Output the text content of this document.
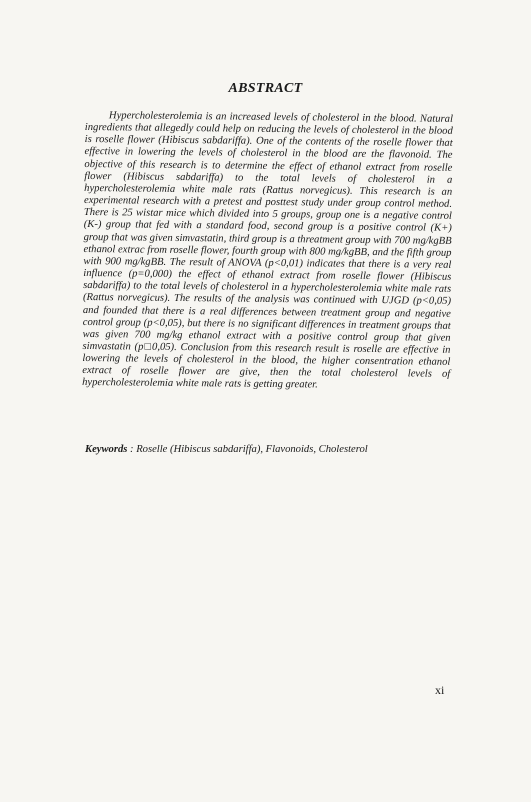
ABSTRACT

Hypercholesterolemia is an increased levels of cholesterol in the blood. Natural ingredients that allegedly could help on reducing the levels of cholesterol in the blood is roselle flower (Hibiscus sabdariffa). One of the contents of the roselle flower that effective in lowering the levels of cholesterol in the blood are the flavonoid. The objective of this research is to determine the effect of ethanol extract from roselle flower (Hibiscus sabdariffa) to the total levels of cholesterol in a hypercholesterolemia white male rats (Rattus norvegicus). This research is an experimental research with a pretest and posttest study under group control method. There is 25 wistar mice which divided into 5 groups, group one is a negative control (K-) group that fed with a standard food, second group is a positive control (K+) group that was given simvastatin, third group is a threatment group with 700 mg/kgBB ethanol extrac from roselle flower, fourth group with 800 mg/kgBB, and the fifth group with 900 mg/kgBB. The result of ANOVA (p<0,01) indicates that there is a very real influence (p=0,000) the effect of ethanol extract from roselle flower (Hibiscus sabdariffa) to the total levels of cholesterol in a hypercholesterolemia white male rats (Rattus norvegicus). The results of the analysis was continued with UJGD (p<0,05) and founded that there is a real differences between treatment group and negative control group (p<0,05), but there is no significant differences in treatment groups that was given 700 mg/kg ethanol extract with a positive control group that given simvastatin (p□0,05). Conclusion from this research result is roselle are effective in lowering the levels of cholesterol in the blood, the higher consentration ethanol extract of roselle flower are give, then the total cholesterol levels of hypercholesterolemia white male rats is getting greater.

Keywords : Roselle (Hibiscus sabdariffa), Flavonoids, Cholesterol
xi
